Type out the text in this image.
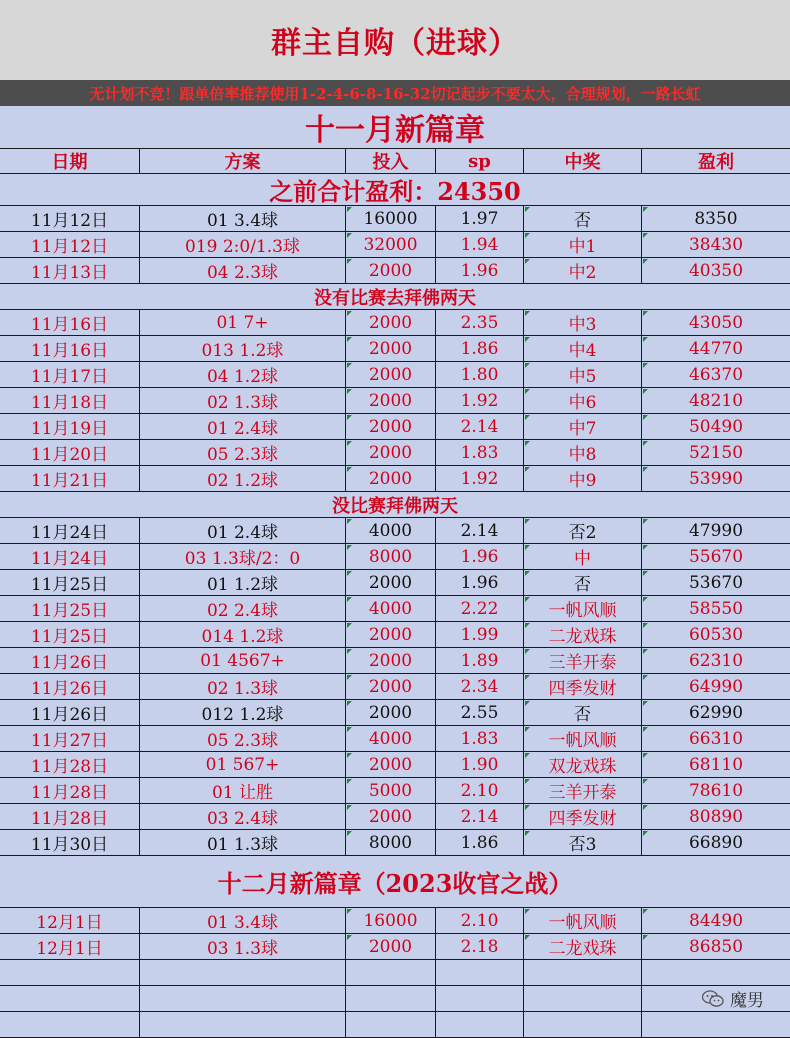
群主自购（进球）
无计划不竞！跟单倍率推荐使用1-2-4-6-8-16-32切记起步不要太大，合理规划，一路长虹
十一月新篇章
日期	方案	投入	sp	中奖	盈利
之前合计盈利：24350
11月12日	01 3.4球	16000	1.97	否	8350
11月12日	019 2:0/1.3球	32000	1.94	中1	38430
11月13日	04 2.3球	2000	1.96	中2	40350
没有比赛去拜佛两天
11月16日	01 7+	2000	2.35	中3	43050
11月16日	013 1.2球	2000	1.86	中4	44770
11月17日	04 1.2球	2000	1.80	中5	46370
11月18日	02 1.3球	2000	1.92	中6	48210
11月19日	01 2.4球	2000	2.14	中7	50490
11月20日	05 2.3球	2000	1.83	中8	52150
11月21日	02 1.2球	2000	1.92	中9	53990
没比赛拜佛两天
11月24日	01 2.4球	4000	2.14	否2	47990
11月24日	03 1.3球/2：0	8000	1.96	中	55670
11月25日	01 1.2球	2000	1.96	否	53670
11月25日	02 2.4球	4000	2.22	一帆风顺	58550
11月25日	014 1.2球	2000	1.99	二龙戏珠	60530
11月26日	01 4567+	2000	1.89	三羊开泰	62310
11月26日	02 1.3球	2000	2.34	四季发财	64990
11月26日	012 1.2球	2000	2.55	否	62990
11月27日	05 2.3球	4000	1.83	一帆风顺	66310
11月28日	01 567+	2000	1.90	双龙戏珠	68110
11月28日	01 让胜	5000	2.10	三羊开泰	78610
11月28日	03 2.4球	2000	2.14	四季发财	80890
11月30日	01 1.3球	8000	1.86	否3	66890
十二月新篇章（2023收官之战）
12月1日	01 3.4球	16000	2.10	一帆风顺	84490
12月1日	03 1.3球	2000	2.18	二龙戏珠	86850
魔男
